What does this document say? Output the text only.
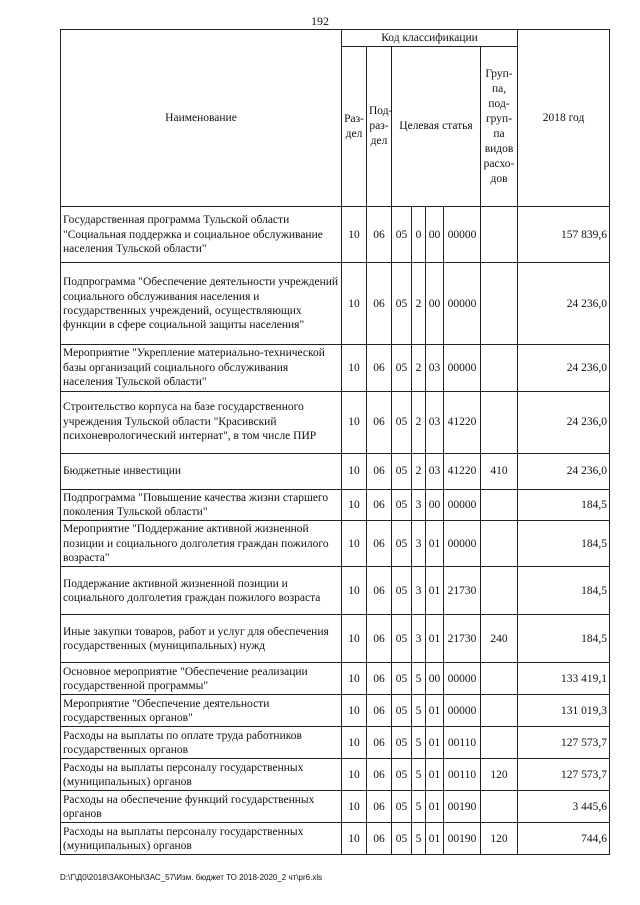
192
Наименование	Код классификации							2018 год
	Раз-дел	Под-раз-дел	Целевая статья				Груп-па, под-груп-па видов расхо-дов	
Государственная программа Тульской области "Социальная поддержка и социальное обслуживание населения Тульской области"	10	06	05	0	00	00000		157 839,6
Подпрограмма "Обеспечение деятельности учреждений социального обслуживания населения и государственных учреждений, осуществляющих функции в сфере социальной защиты населения"	10	06	05	2	00	00000		24 236,0
Мероприятие "Укрепление материально-технической базы организаций социального обслуживания населения Тульской области"	10	06	05	2	03	00000		24 236,0
Строительство корпуса на базе государственного учреждения Тульской области "Красивский психоневрологический интернат", в том числе ПИР	10	06	05	2	03	41220		24 236,0
Бюджетные инвестиции	10	06	05	2	03	41220	410	24 236,0
Подпрограмма "Повышение качества жизни старшего поколения Тульской области"	10	06	05	3	00	00000		184,5
Мероприятие "Поддержание активной жизненной позиции и социального долголетия граждан пожилого возраста"	10	06	05	3	01	00000		184,5
Поддержание активной жизненной позиции и социального долголетия граждан пожилого возраста	10	06	05	3	01	21730		184,5
Иные закупки товаров, работ и услуг для обеспечения государственных (муниципальных) нужд	10	06	05	3	01	21730	240	184,5
Основное мероприятие "Обеспечение реализации государственной программы"	10	06	05	5	00	00000		133 419,1
Мероприятие "Обеспечение деятельности государственных органов"	10	06	05	5	01	00000		131 019,3
Расходы на выплаты по оплате труда работников государственных органов	10	06	05	5	01	00110		127 573,7
Расходы на выплаты персоналу государственных (муниципальных) органов	10	06	05	5	01	00110	120	127 573,7
Расходы на обеспечение функций государственных органов	10	06	05	5	01	00190		3 445,6
Расходы на выплаты персоналу государственных (муниципальных) органов	10	06	05	5	01	00190	120	744,6
D:\Г\Д0\2018\ЗАКОНЫ\ЗАС_57\Изм. бюджет ТО 2018-2020_2 чт\pr6.xls
